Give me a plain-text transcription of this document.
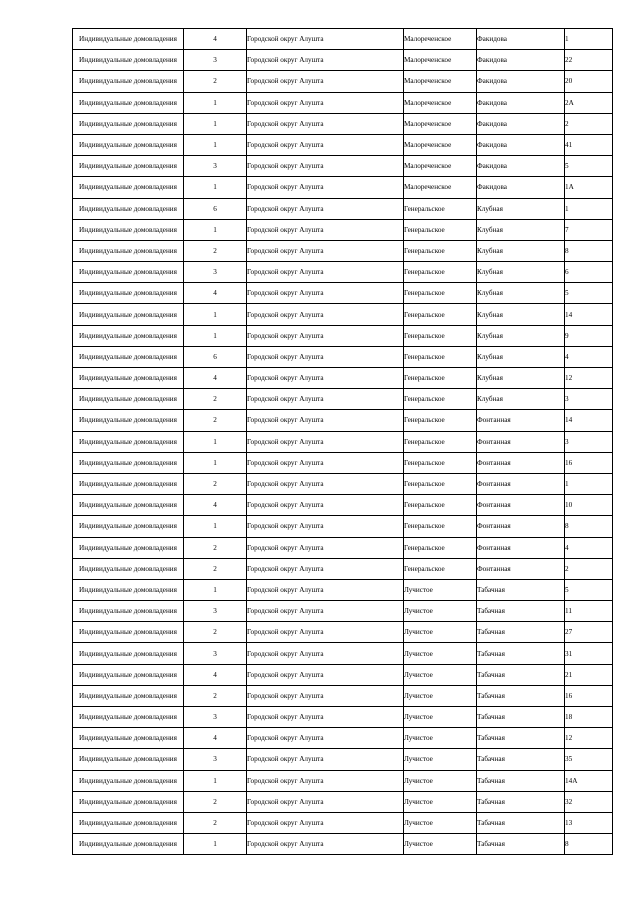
Индивидуальные домовладения	4	Городской округ Алушта	Малореченское	Факидова	1
Индивидуальные домовладения	3	Городской округ Алушта	Малореченское	Факидова	22
Индивидуальные домовладения	2	Городской округ Алушта	Малореченское	Факидова	20
Индивидуальные домовладения	1	Городской округ Алушта	Малореченское	Факидова	2А
Индивидуальные домовладения	1	Городской округ Алушта	Малореченское	Факидова	2
Индивидуальные домовладения	1	Городской округ Алушта	Малореченское	Факидова	41
Индивидуальные домовладения	3	Городской округ Алушта	Малореченское	Факидова	5
Индивидуальные домовладения	1	Городской округ Алушта	Малореченское	Факидова	1А
Индивидуальные домовладения	6	Городской округ Алушта	Генеральское	Клубная	1
Индивидуальные домовладения	1	Городской округ Алушта	Генеральское	Клубная	7
Индивидуальные домовладения	2	Городской округ Алушта	Генеральское	Клубная	8
Индивидуальные домовладения	3	Городской округ Алушта	Генеральское	Клубная	6
Индивидуальные домовладения	4	Городской округ Алушта	Генеральское	Клубная	5
Индивидуальные домовладения	1	Городской округ Алушта	Генеральское	Клубная	14
Индивидуальные домовладения	1	Городской округ Алушта	Генеральское	Клубная	9
Индивидуальные домовладения	6	Городской округ Алушта	Генеральское	Клубная	4
Индивидуальные домовладения	4	Городской округ Алушта	Генеральское	Клубная	12
Индивидуальные домовладения	2	Городской округ Алушта	Генеральское	Клубная	3
Индивидуальные домовладения	2	Городской округ Алушта	Генеральское	Фонтанная	14
Индивидуальные домовладения	1	Городской округ Алушта	Генеральское	Фонтанная	3
Индивидуальные домовладения	1	Городской округ Алушта	Генеральское	Фонтанная	16
Индивидуальные домовладения	2	Городской округ Алушта	Генеральское	Фонтанная	1
Индивидуальные домовладения	4	Городской округ Алушта	Генеральское	Фонтанная	10
Индивидуальные домовладения	1	Городской округ Алушта	Генеральское	Фонтанная	8
Индивидуальные домовладения	2	Городской округ Алушта	Генеральское	Фонтанная	4
Индивидуальные домовладения	2	Городской округ Алушта	Генеральское	Фонтанная	2
Индивидуальные домовладения	1	Городской округ Алушта	Лучистое	Табачная	5
Индивидуальные домовладения	3	Городской округ Алушта	Лучистое	Табачная	11
Индивидуальные домовладения	2	Городской округ Алушта	Лучистое	Табачная	27
Индивидуальные домовладения	3	Городской округ Алушта	Лучистое	Табачная	31
Индивидуальные домовладения	4	Городской округ Алушта	Лучистое	Табачная	21
Индивидуальные домовладения	2	Городской округ Алушта	Лучистое	Табачная	16
Индивидуальные домовладения	3	Городской округ Алушта	Лучистое	Табачная	18
Индивидуальные домовладения	4	Городской округ Алушта	Лучистое	Табачная	12
Индивидуальные домовладения	3	Городской округ Алушта	Лучистое	Табачная	35
Индивидуальные домовладения	1	Городской округ Алушта	Лучистое	Табачная	14А
Индивидуальные домовладения	2	Городской округ Алушта	Лучистое	Табачная	32
Индивидуальные домовладения	2	Городской округ Алушта	Лучистое	Табачная	13
Индивидуальные домовладения	1	Городской округ Алушта	Лучистое	Табачная	8
